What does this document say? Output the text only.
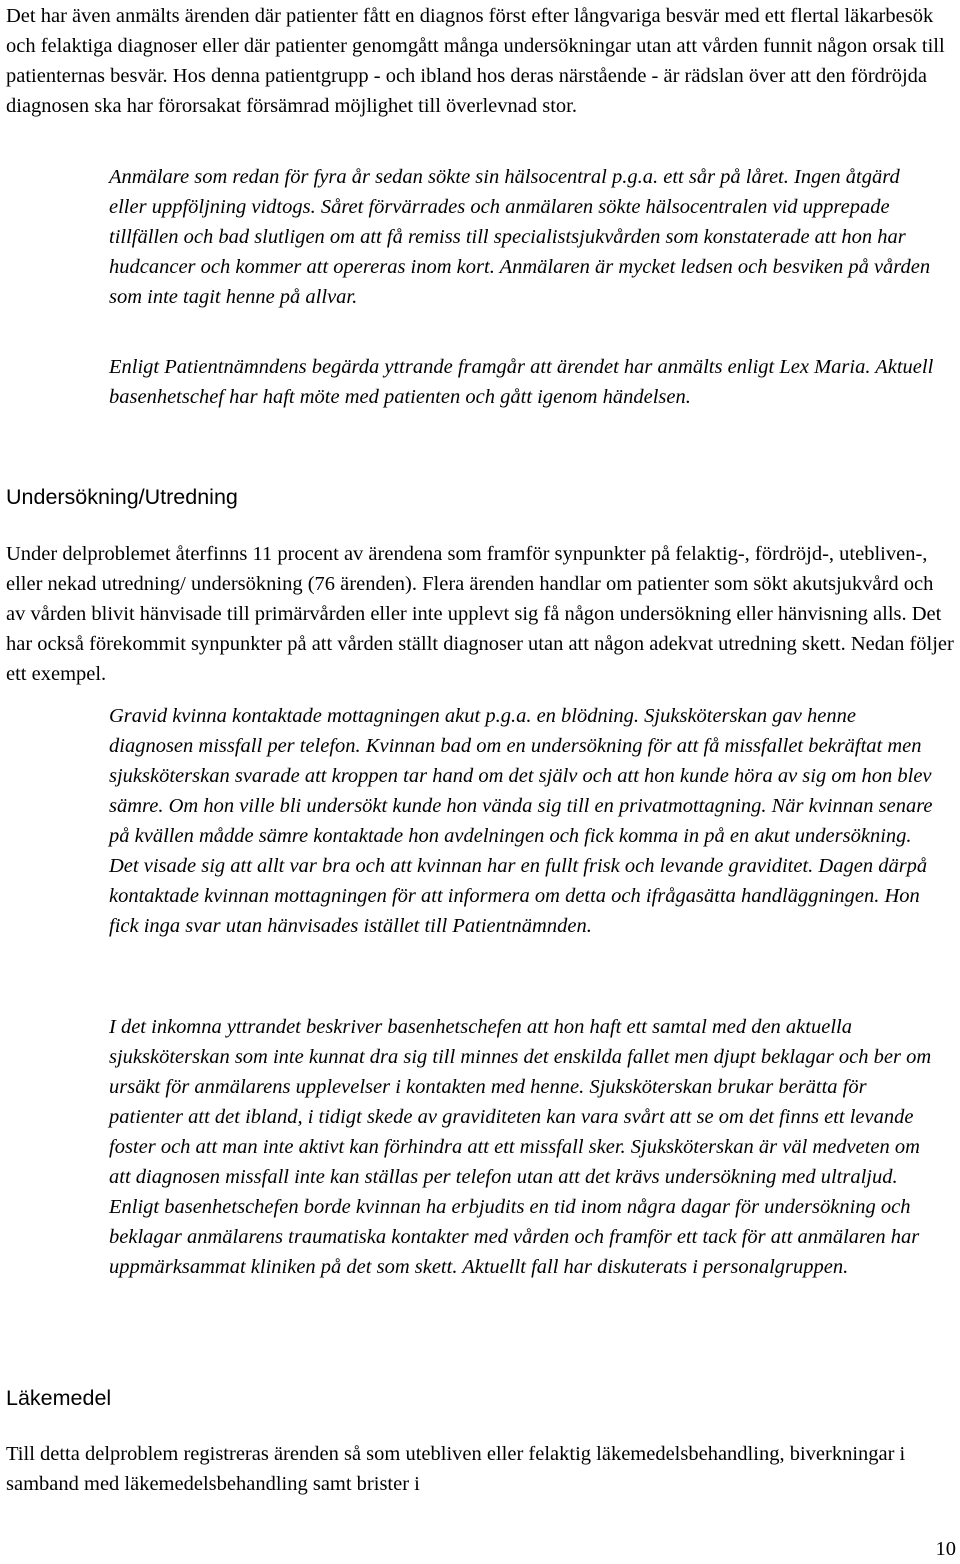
Det har även anmälts ärenden där patienter fått en diagnos först efter långvariga besvär med ett flertal läkarbesök och felaktiga diagnoser eller där patienter genomgått många undersökningar utan att vården funnit någon orsak till patienternas besvär. Hos denna patientgrupp - och ibland hos deras närstående - är rädslan över att den fördröjda diagnosen ska har förorsakat försämrad möjlighet till överlevnad stor.

Anmälare som redan för fyra år sedan sökte sin hälsocentral p.g.a. ett sår på låret. Ingen åtgärd eller uppföljning vidtogs. Såret förvärrades och anmälaren sökte hälsocentralen vid upprepade tillfällen och bad slutligen om att få remiss till specialistsjukvården som konstaterade att hon har hudcancer och kommer att opereras inom kort. Anmälaren är mycket ledsen och besviken på vården som inte tagit henne på allvar.

Enligt Patientnämndens begärda yttrande framgår att ärendet har anmälts enligt Lex Maria. Aktuell basenhetschef har haft möte med patienten och gått igenom händelsen.

Undersökning/Utredning

Under delproblemet återfinns 11 procent av ärendena som framför synpunkter på felaktig-, fördröjd-, utebliven-, eller nekad utredning/ undersökning (76 ärenden). Flera ärenden handlar om patienter som sökt akutsjukvård och av vården blivit hänvisade till primärvården eller inte upplevt sig få någon undersökning eller hänvisning alls. Det har också förekommit synpunkter på att vården ställt diagnoser utan att någon adekvat utredning skett. Nedan följer ett exempel.

Gravid kvinna kontaktade mottagningen akut p.g.a. en blödning. Sjuksköterskan gav henne diagnosen missfall per telefon. Kvinnan bad om en undersökning för att få missfallet bekräftat men sjuksköterskan svarade att kroppen tar hand om det själv och att hon kunde höra av sig om hon blev sämre. Om hon ville bli undersökt kunde hon vända sig till en privatmottagning. När kvinnan senare på kvällen mådde sämre kontaktade hon avdelningen och fick komma in på en akut undersökning. Det visade sig att allt var bra och att kvinnan har en fullt frisk och levande graviditet. Dagen därpå kontaktade kvinnan mottagningen för att informera om detta och ifrågasätta handläggningen. Hon fick inga svar utan hänvisades istället till Patientnämnden.

I det inkomna yttrandet beskriver basenhetschefen att hon haft ett samtal med den aktuella sjuksköterskan som inte kunnat dra sig till minnes det enskilda fallet men djupt beklagar och ber om ursäkt för anmälarens upplevelser i kontakten med henne. Sjuksköterskan brukar berätta för patienter att det ibland, i tidigt skede av graviditeten kan vara svårt att se om det finns ett levande foster och att man inte aktivt kan förhindra att ett missfall sker. Sjuksköterskan är väl medveten om att diagnosen missfall inte kan ställas per telefon utan att det krävs undersökning med ultraljud. Enligt basenhetschefen borde kvinnan ha erbjudits en tid inom några dagar för undersökning och beklagar anmälarens traumatiska kontakter med vården och framför ett tack för att anmälaren har uppmärksammat kliniken på det som skett. Aktuellt fall har diskuterats i personalgruppen.

Läkemedel

Till detta delproblem registreras ärenden så som utebliven eller felaktig läkemedelsbehandling, biverkningar i samband med läkemedelsbehandling samt brister i

10
